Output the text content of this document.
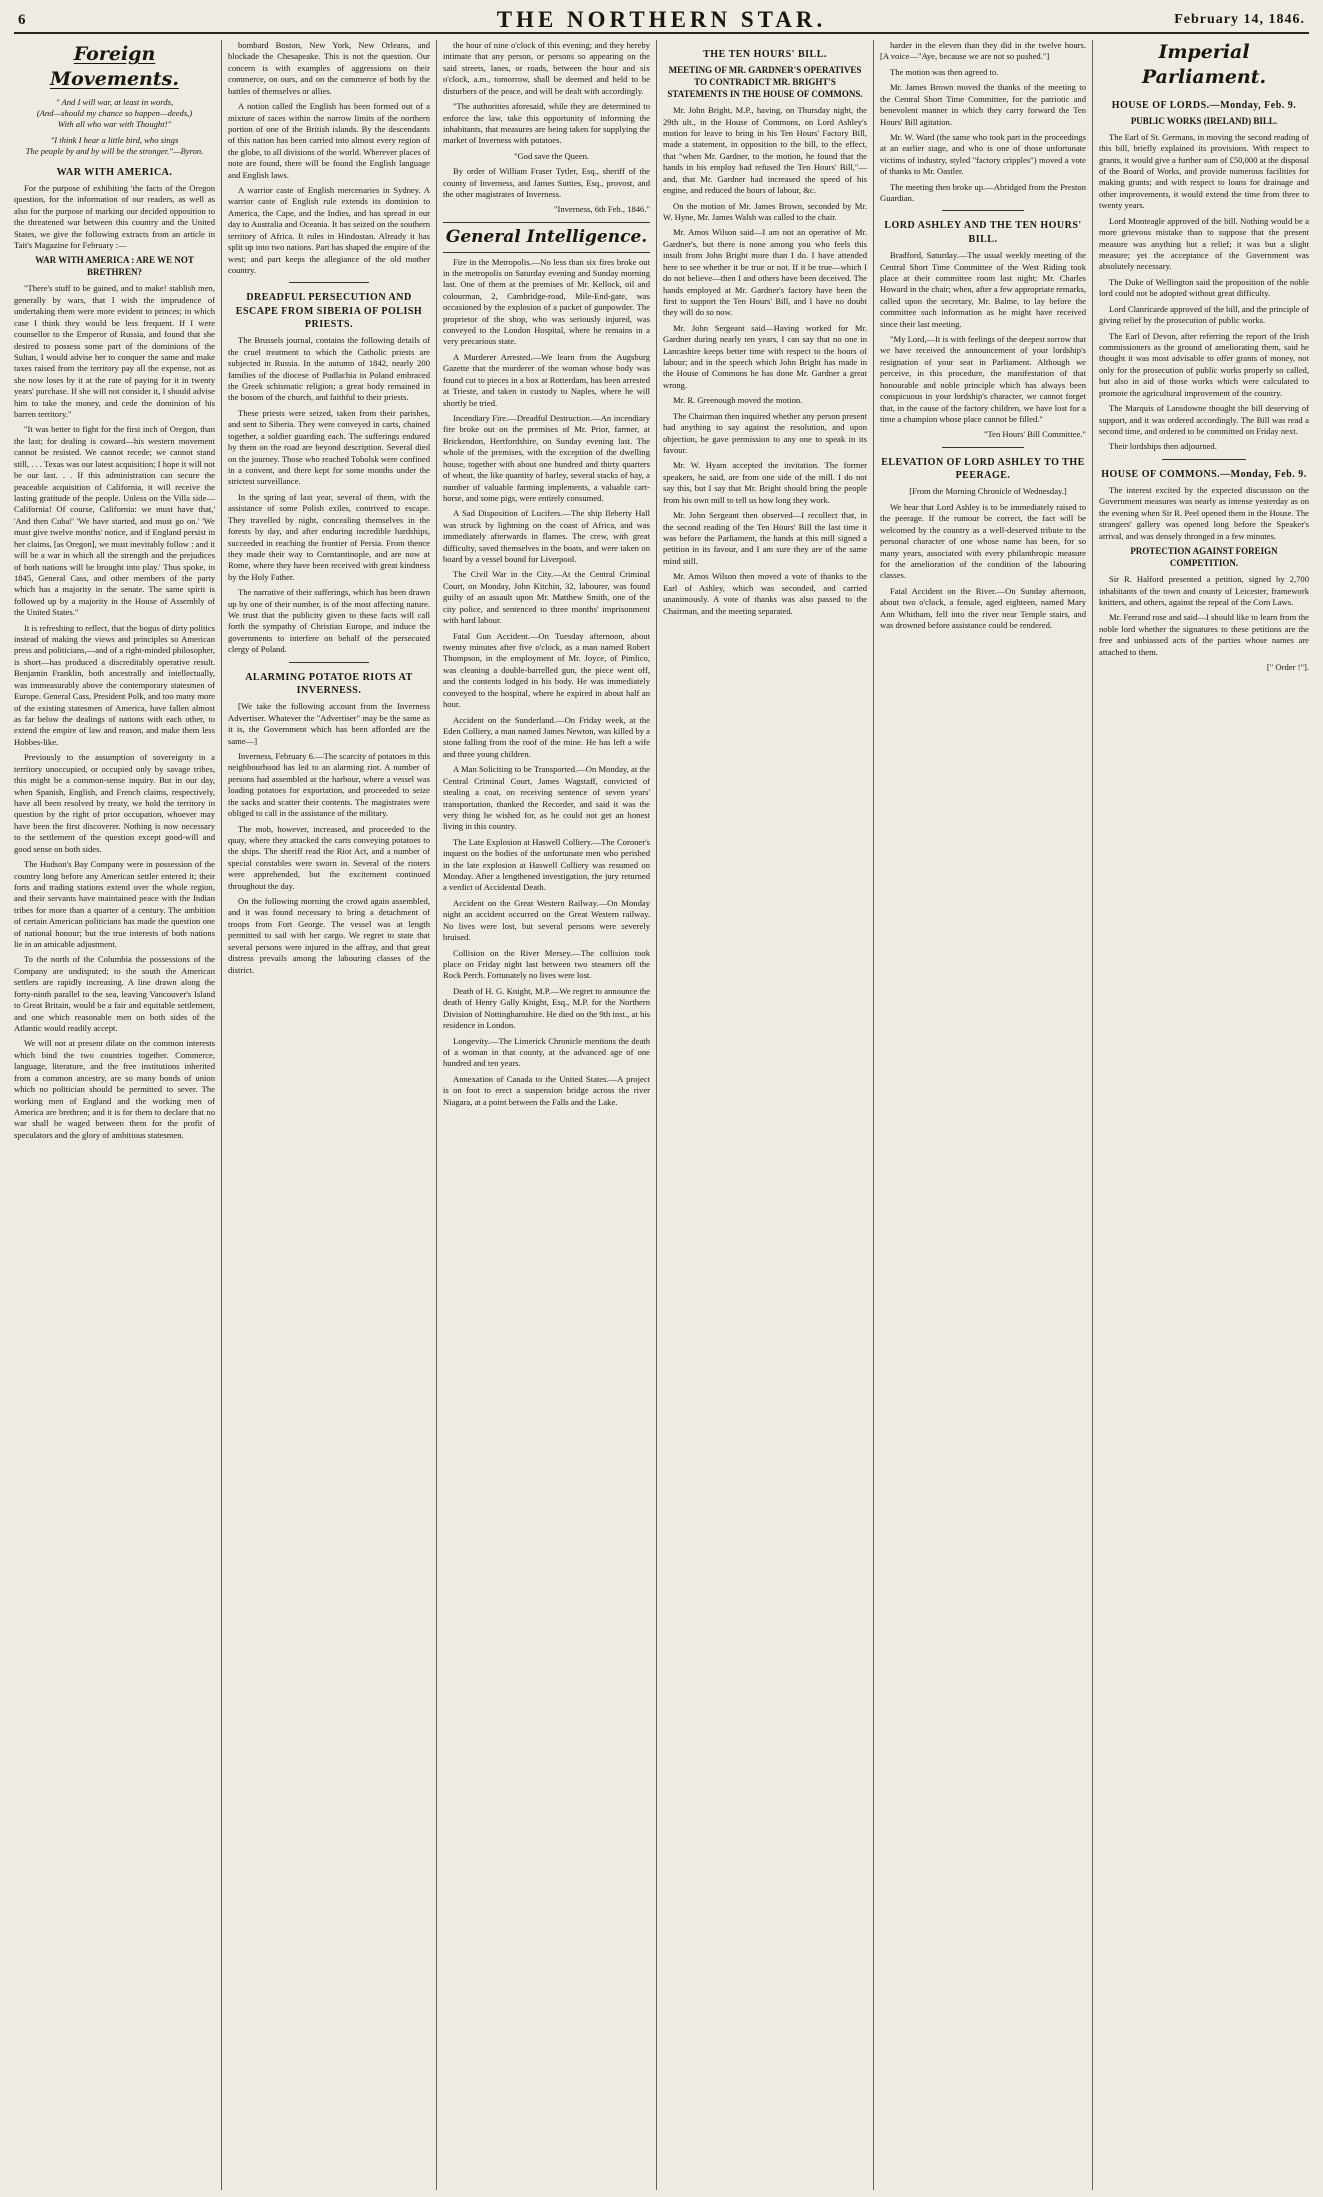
6	THE NORTHERN STAR.	February 14, 1846.
Foreign Movements.

" And I will war, at least in words,
(And—should my chance so happen—deeds,)
With all who war with Thought!"

"I think I hear a little bird, who sings
The people by and by will be the stronger."—Byron.

WAR WITH AMERICA.

For the purpose of exhibiting 'the facts of the Oregon question, for the information of our readers, as well as also for the purpose of marking our decided opposition to the threatened war between this country and the United States, we give the following extracts from an article in Tait's Magazine for February :—

WAR WITH AMERICA : ARE WE NOT BRETHREN?

"There's stuff to be gained, and to make! stablish men, generally by wars, that I wish the imprudence of undertaking them were more evident to princes; in which case I think they would be less frequent. If I were counsellor to the Emperor of Russia, and found that she desired to possess some part of the dominions of the Sultan, I would advise her to conquer the same and make taxes raised from the territory pay all the expense, not as she now loses by it at the rate of paying for it in twenty years' purchase. If she will not consider it, I should advise him to take the money, and cede the dominion of his barren territory."

"It was better to fight for the first inch of Oregon, than the last; for dealing is coward—his western movement cannot be resisted. We cannot recede; we cannot stand still, . . . Texas was our latest acquisition; I hope it will not be our last. . . If this administration can secure the peaceable acquisition of California, it will receive the lasting gratitude of the people. Unless on the Villa side—California! Of course, California: we must have that,' 'And then Cuba!' 'We have started, and must go on.' 'We must give twelve months' notice, and if England persist in her claims, [as Oregon], we must inevitably follow : and it will be a war in which all the strength and the prejudices of both nations will be brought into play.' Thus spoke, in 1845, General Cass, and other members of the party which has a majority in the senate. The same spirit is followed up by a majority in the House of Assembly of the United States."

It is refreshing to reflect, that the bogus of dirty politics instead of making the views and principles so American press and politicians,—and of a right-minded philosopher, is short—has produced a discreditably operative result. Benjamin Franklin, both ancestrally and intellectually, was immeasurably above the contemporary statesmen of Europe. General Cass, President Polk, and too many more of the existing statesmen of America, have fallen almost as far below the dealings of nations with each other, to extend the empire of law and reason, and make them less Hobbes-like.

Previously to the assumption of sovereignty in a territory unoccupied, or occupied only by savage tribes, this might be a common-sense inquiry. But in our day, when Spanish, English, and French claims, respectively, have all been resolved by treaty, we hold the territory in question by the right of prior occupation, whoever may have been the first discoverer. Nothing is now necessary to the settlement of the question except good-will and good sense on both sides.

The Hudson's Bay Company were in possession of the country long before any American settler entered it; their forts and trading stations extend over the whole region, and their servants have maintained peace with the Indian tribes for more than a quarter of a century. The ambition of certain American politicians has made the question one of national honour; but the true interests of both nations lie in an amicable adjustment.

To the north of the Columbia the possessions of the Company are undisputed; to the south the American settlers are rapidly increasing. A line drawn along the forty-ninth parallel to the sea, leaving Vancouver's Island to Great Britain, would be a fair and equitable settlement, and one which reasonable men on both sides of the Atlantic would readily accept.

We will not at present dilate on the common interests which bind the two countries together. Commerce, language, literature, and the free institutions inherited from a common ancestry, are so many bonds of union which no politician should be permitted to sever. The working men of England and the working men of America are brethren; and it is for them to declare that no war shall be waged between them for the profit of speculators and the glory of ambitious statesmen.

bombard Boston, New York, New Orleans, and blockade the Chesapeake. This is not the question. Our concern is with examples of aggressions on their commerce, on ours, and on the commerce of both by the battles of themselves or allies.

A notion called the English has been formed out of a mixture of races within the narrow limits of the northern portion of one of the British islands. By the descendants of this nation has been carried into almost every region of the globe, to all divisions of the world. Wherever places of note are found, there will be found the English language and English laws.

A warrior caste of English mercenaries in Sydney. A warrior caste of English rule extends its dominion to America, the Cape, and the Indies, and has spread in our day to Australia and Oceania. It has seized on the southern territory of Africa. It rules in Hindostan. Already it has split up into two nations. Part has shaped the empire of the west; and part keeps the allegiance of the old mother country.

DREADFUL PERSECUTION AND ESCAPE FROM SIBERIA OF POLISH PRIESTS.

The Brussels journal, contains the following details of the cruel treatment to which the Catholic priests are subjected in Russia. In the autumn of 1842, nearly 200 families of the diocese of Podlachia in Poland embraced the Greek schismatic religion; a great body remained in the bosom of the church, and faithful to their priests.

These priests were seized, taken from their parishes, and sent to Siberia. They were conveyed in carts, chained together, a soldier guarding each. The sufferings endured by them on the road are beyond description. Several died on the journey. Those who reached Tobolsk were confined in a convent, and there kept for some months under the strictest surveillance.

In the spring of last year, several of them, with the assistance of some Polish exiles, contrived to escape. They travelled by night, concealing themselves in the forests by day, and after enduring incredible hardships, succeeded in reaching the frontier of Persia. From thence they made their way to Constantinople, and are now at Rome, where they have been received with great kindness by the Holy Father.

The narrative of their sufferings, which has been drawn up by one of their number, is of the most affecting nature. We trust that the publicity given to these facts will call forth the sympathy of Christian Europe, and induce the governments to interfere on behalf of the persecuted clergy of Poland.

ALARMING POTATOE RIOTS AT INVERNESS.

[We take the following account from the Inverness Advertiser. Whatever the "Advertiser" may be the same as it is, the Government which has been afforded are the same—]

Inverness, February 6.—The scarcity of potatoes in this neighbourhood has led to an alarming riot. A number of persons had assembled at the harbour, where a vessel was loading potatoes for exportation, and proceeded to seize the sacks and scatter their contents. The magistrates were obliged to call in the assistance of the military.

The mob, however, increased, and proceeded to the quay, where they attacked the carts conveying potatoes to the ships. The sheriff read the Riot Act, and a number of special constables were sworn in. Several of the rioters were apprehended, but the excitement continued throughout the day.

On the following morning the crowd again assembled, and it was found necessary to bring a detachment of troops from Fort George. The vessel was at length permitted to sail with her cargo. We regret to state that several persons were injured in the affray, and that great distress prevails among the labouring classes of the district.

the hour of nine o'clock of this evening; and they hereby intimate that any person, or persons so appearing on the said streets, lanes, or roads, between the hour and six o'clock, a.m., tomorrow, shall be deemed and held to be disturbers of the peace, and will be dealt with accordingly.

"The authorities aforesaid, while they are determined to enforce the law, take this opportunity of informing the inhabitants, that measures are being taken for supplying the market of Inverness with potatoes.

"God save the Queen.

By order of William Fraser Tytler, Esq., sheriff of the county of Inverness, and James Sutties, Esq., provost, and the other magistrates of Inverness.

"Inverness, 6th Feb., 1846."

General Intelligence.

Fire in the Metropolis.—No less than six fires broke out in the metropolis on Saturday evening and Sunday morning last. One of them at the premises of Mr. Kellock, oil and colourman, 2, Cambridge-road, Mile-End-gate, was occasioned by the explosion of a packet of gunpowder. The proprietor of the shop, who was seriously injured, was conveyed to the London Hospital, where he remains in a very precarious state.

A Murderer Arrested.—We learn from the Augsburg Gazette that the murderer of the woman whose body was found cut to pieces in a box at Rotterdam, has been arrested at Trieste, and taken in custody to Naples, where he will shortly be tried.

Incendiary Fire.—Dreadful Destruction.—An incendiary fire broke out on the premises of Mr. Prior, farmer, at Brickendon, Hertfordshire, on Sunday evening last. The whole of the premises, with the exception of the dwelling house, together with about one hundred and thirty quarters of wheat, the like quantity of barley, several stacks of hay, a number of valuable farming implements, a valuable cart-horse, and some pigs, were entirely consumed.

A Sad Disposition of Lucifers.—The ship Ileberty Hall was struck by lightning on the coast of Africa, and was immediately afterwards in flames. The crew, with great difficulty, saved themselves in the boats, and were taken on board by a vessel bound for Liverpool.

The Civil War in the City.—At the Central Criminal Court, on Monday, John Kitchin, 32, labourer, was found guilty of an assault upon Mr. Matthew Smith, one of the city police, and sentenced to three months' imprisonment with hard labour.

Fatal Gun Accident.—On Tuesday afternoon, about twenty minutes after five o'clock, as a man named Robert Thompson, in the employment of Mr. Joyce, of Pimlico, was cleaning a double-barrelled gun, the piece went off, and the contents lodged in his body. He was immediately conveyed to the hospital, where he expired in about half an hour.

Accident on the Sunderland.—On Friday week, at the Eden Colliery, a man named James Newton, was killed by a stone falling from the roof of the mine. He has left a wife and three young children.

A Man Soliciting to be Transported.—On Monday, at the Central Criminal Court, James Wagstaff, convicted of stealing a coat, on receiving sentence of seven years' transportation, thanked the Recorder, and said it was the very thing he wished for, as he could not get an honest living in this country.

The Late Explosion at Haswell Colliery.—The Coroner's inquest on the bodies of the unfortunate men who perished in the late explosion at Haswell Colliery was resumed on Monday. After a lengthened investigation, the jury returned a verdict of Accidental Death.

Accident on the Great Western Railway.—On Monday night an accident occurred on the Great Western railway. No lives were lost, but several persons were severely bruised.

Collision on the River Mersey.—The collision took place on Friday night last between two steamers off the Rock Perch. Fortunately no lives were lost.

Death of H. G. Knight, M.P.—We regret to announce the death of Henry Gally Knight, Esq., M.P. for the Northern Division of Nottinghamshire. He died on the 9th inst., at his residence in London.

Longevity.—The Limerick Chronicle mentions the death of a woman in that county, at the advanced age of one hundred and ten years.

Annexation of Canada to the United States.—A project is on foot to erect a suspension bridge across the river Niagara, at a point between the Falls and the Lake.

THE TEN HOURS' BILL.
MEETING OF MR. GARDNER'S OPERATIVES TO CONTRADICT MR. BRIGHT'S STATEMENTS IN THE HOUSE OF COMMONS.

Mr. John Bright, M.P., having, on Thursday night, the 29th ult., in the House of Commons, on Lord Ashley's motion for leave to bring in his Ten Hours' Factory Bill, made a statement, in opposition to the bill, to the effect, that "when Mr. Gardner, to the motion, he found that the hands in his employ had refused the Ten Hours' Bill,"—and, that Mr. Gardner had increased the speed of his engine, and reduced the hours of labour, &c.

On the motion of Mr. James Brown, seconded by Mr. W. Hyne, Mr. James Walsh was called to the chair.

Mr. Amos Wilson said—I am not an operative of Mr. Gardner's, but there is none among you who feels this insult from John Bright more than I do. I have attended here to see whether it be true or not. If it be true—which I do not believe—then I and others have been deceived. The hands employed at Mr. Gardner's factory have been the first to support the Ten Hours' Bill, and I have no doubt they will do so now.

Mr. John Sergeant said—Having worked for Mr. Gardner during nearly ten years, I can say that no one in Lancashire keeps better time with respect to the hours of labour; and in the speech which John Bright has made in the House of Commons he has done Mr. Gardner a great wrong.

Mr. R. Greenough moved the motion.

The Chairman then inquired whether any person present had anything to say against the resolution, and upon objection, he gave permission to any one to speak in its favour.

Mr. W. Hyam accepted the invitation. The former speakers, he said, are from one side of the mill. I do not say this, but I say that Mr. Bright should bring the people from his own mill to tell us how long they work.

Mr. John Sergeant then observed—I recollect that, in the second reading of the Ten Hours' Bill the last time it was before the Parliament, the hands at this mill signed a petition in its favour, and I am sure they are of the same mind still.

Mr. Amos Wilson then moved a vote of thanks to the Earl of Ashley, which was seconded, and carried unanimously. A vote of thanks was also passed to the Chairman, and the meeting separated.

harder in the eleven than they did in the twelve hours. [A voice—"Aye, because we are not so pushed."]

The motion was then agreed to.

Mr. James Brown moved the thanks of the meeting to the Central Short Time Committee, for the patriotic and benevolent manner in which they carry forward the Ten Hours' Bill agitation.

Mr. W. Ward (the same who took part in the proceedings at an earlier stage, and who is one of those unfortunate victims of industry, styled "factory cripples") moved a vote of thanks to Mr. Oastler.

The meeting then broke up.—Abridged from the Preston Guardian.

LORD ASHLEY AND THE TEN HOURS' BILL.

Bradford, Saturday.—The usual weekly meeting of the Central Short Time Committee of the West Riding took place at their committee room last night; Mr. Charles Howard in the chair; when, after a few appropriate remarks, called upon the secretary, Mr. Balme, to lay before the committee such information as he might have received since their last meeting.

"My Lord,—It is with feelings of the deepest sorrow that we have received the announcement of your lordship's resignation of your seat in Parliament. Although we perceive, in this procedure, the manifestation of that honourable and noble principle which has always been conspicuous in your lordship's character, we cannot forget that, in the cause of the factory children, we have lost for a time a champion whose place cannot be filled."

"Ten Hours' Bill Committee."

ELEVATION OF LORD ASHLEY TO THE PEERAGE.

[From the Morning Chronicle of Wednesday.]

We hear that Lord Ashley is to be immediately raised to the peerage. If the rumour be correct, the fact will be welcomed by the country as a well-deserved tribute to the personal character of one whose name has been, for so many years, associated with every philanthropic measure for the amelioration of the condition of the labouring classes.

Fatal Accident on the River.—On Sunday afternoon, about two o'clock, a female, aged eighteen, named Mary Ann Whitham, fell into the river near Temple stairs, and was drowned before assistance could be rendered.

Imperial Parliament.
HOUSE OF LORDS.—Monday, Feb. 9.
PUBLIC WORKS (IRELAND) BILL.

The Earl of St. Germans, in moving the second reading of this bill, briefly explained its provisions. With respect to grants, it would give a further sum of £50,000 at the disposal of the Board of Works, and provide numerous facilities for making grants; and with respect to loans for drainage and other improvements, it would extend the time from three to twenty years.

Lord Monteagle approved of the bill. Nothing would be a more grievous mistake than to suppose that the present measure was anything but a relief; it was but a slight measure; yet the acceptance of the Government was absolutely necessary.

The Duke of Wellington said the proposition of the noble lord could not be adopted without great difficulty.

Lord Clanricarde approved of the bill, and the principle of giving relief by the prosecution of public works.

The Earl of Devon, after referring the report of the Irish commissioners as the ground of ameliorating them, said he thought it was most advisable to offer grants of money, not only for the prosecution of public works properly so called, but also in aid of those works which were calculated to promote the agricultural improvement of the country.

The Marquis of Lansdowne thought the bill deserving of support, and it was ordered accordingly. The Bill was read a second time, and ordered to be committed on Friday next.

Their lordships then adjourned.

HOUSE OF COMMONS.—Monday, Feb. 9.

The interest excited by the expected discussion on the Government measures was nearly as intense yesterday as on the evening when Sir R. Peel opened them in the House. The strangers' gallery was opened long before the Speaker's arrival, and was densely thronged in a few minutes.

PROTECTION AGAINST FOREIGN COMPETITION.

Sir R. Halford presented a petition, signed by 2,700 inhabitants of the town and county of Leicester, framework knitters, and others, against the repeal of the Corn Laws.

Mr. Ferrand rose and said—I should like to learn from the noble lord whether the signatures to these petitions are the free and unbiassed acts of the parties whose names are attached to them.

[" Order !"].
